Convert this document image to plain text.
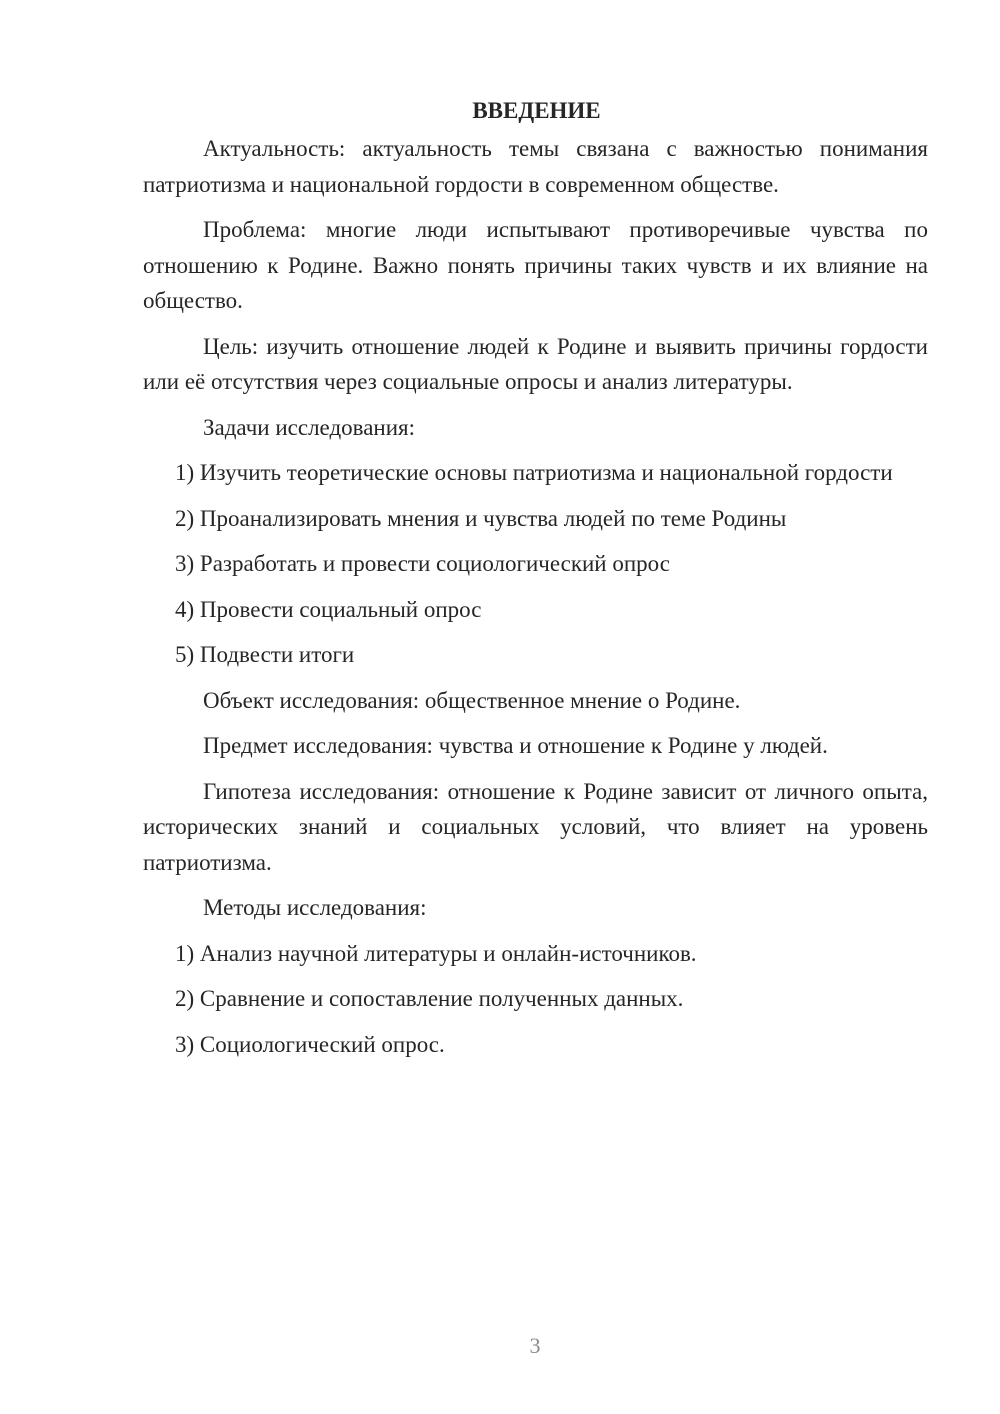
ВВЕДЕНИЕ

Актуальность: актуальность темы связана с важностью понимания патриотизма и национальной гордости в современном обществе.

Проблема: многие люди испытывают противоречивые чувства по отношению к Родине. Важно понять причины таких чувств и их влияние на общество.

Цель: изучить отношение людей к Родине и выявить причины гордости или её отсутствия через социальные опросы и анализ литературы.

Задачи исследования:

1) Изучить теоретические основы патриотизма и национальной гордости

2) Проанализировать мнения и чувства людей по теме Родины

3) Разработать и провести социологический опрос

4) Провести социальный опрос

5) Подвести итоги

Объект исследования: общественное мнение о Родине.

Предмет исследования: чувства и отношение к Родине у людей.

Гипотеза исследования: отношение к Родине зависит от личного опыта, исторических знаний и социальных условий, что влияет на уровень патриотизма.

Методы исследования:

1) Анализ научной литературы и онлайн-источников.

2) Сравнение и сопоставление полученных данных.

3) Социологический опрос.

3
